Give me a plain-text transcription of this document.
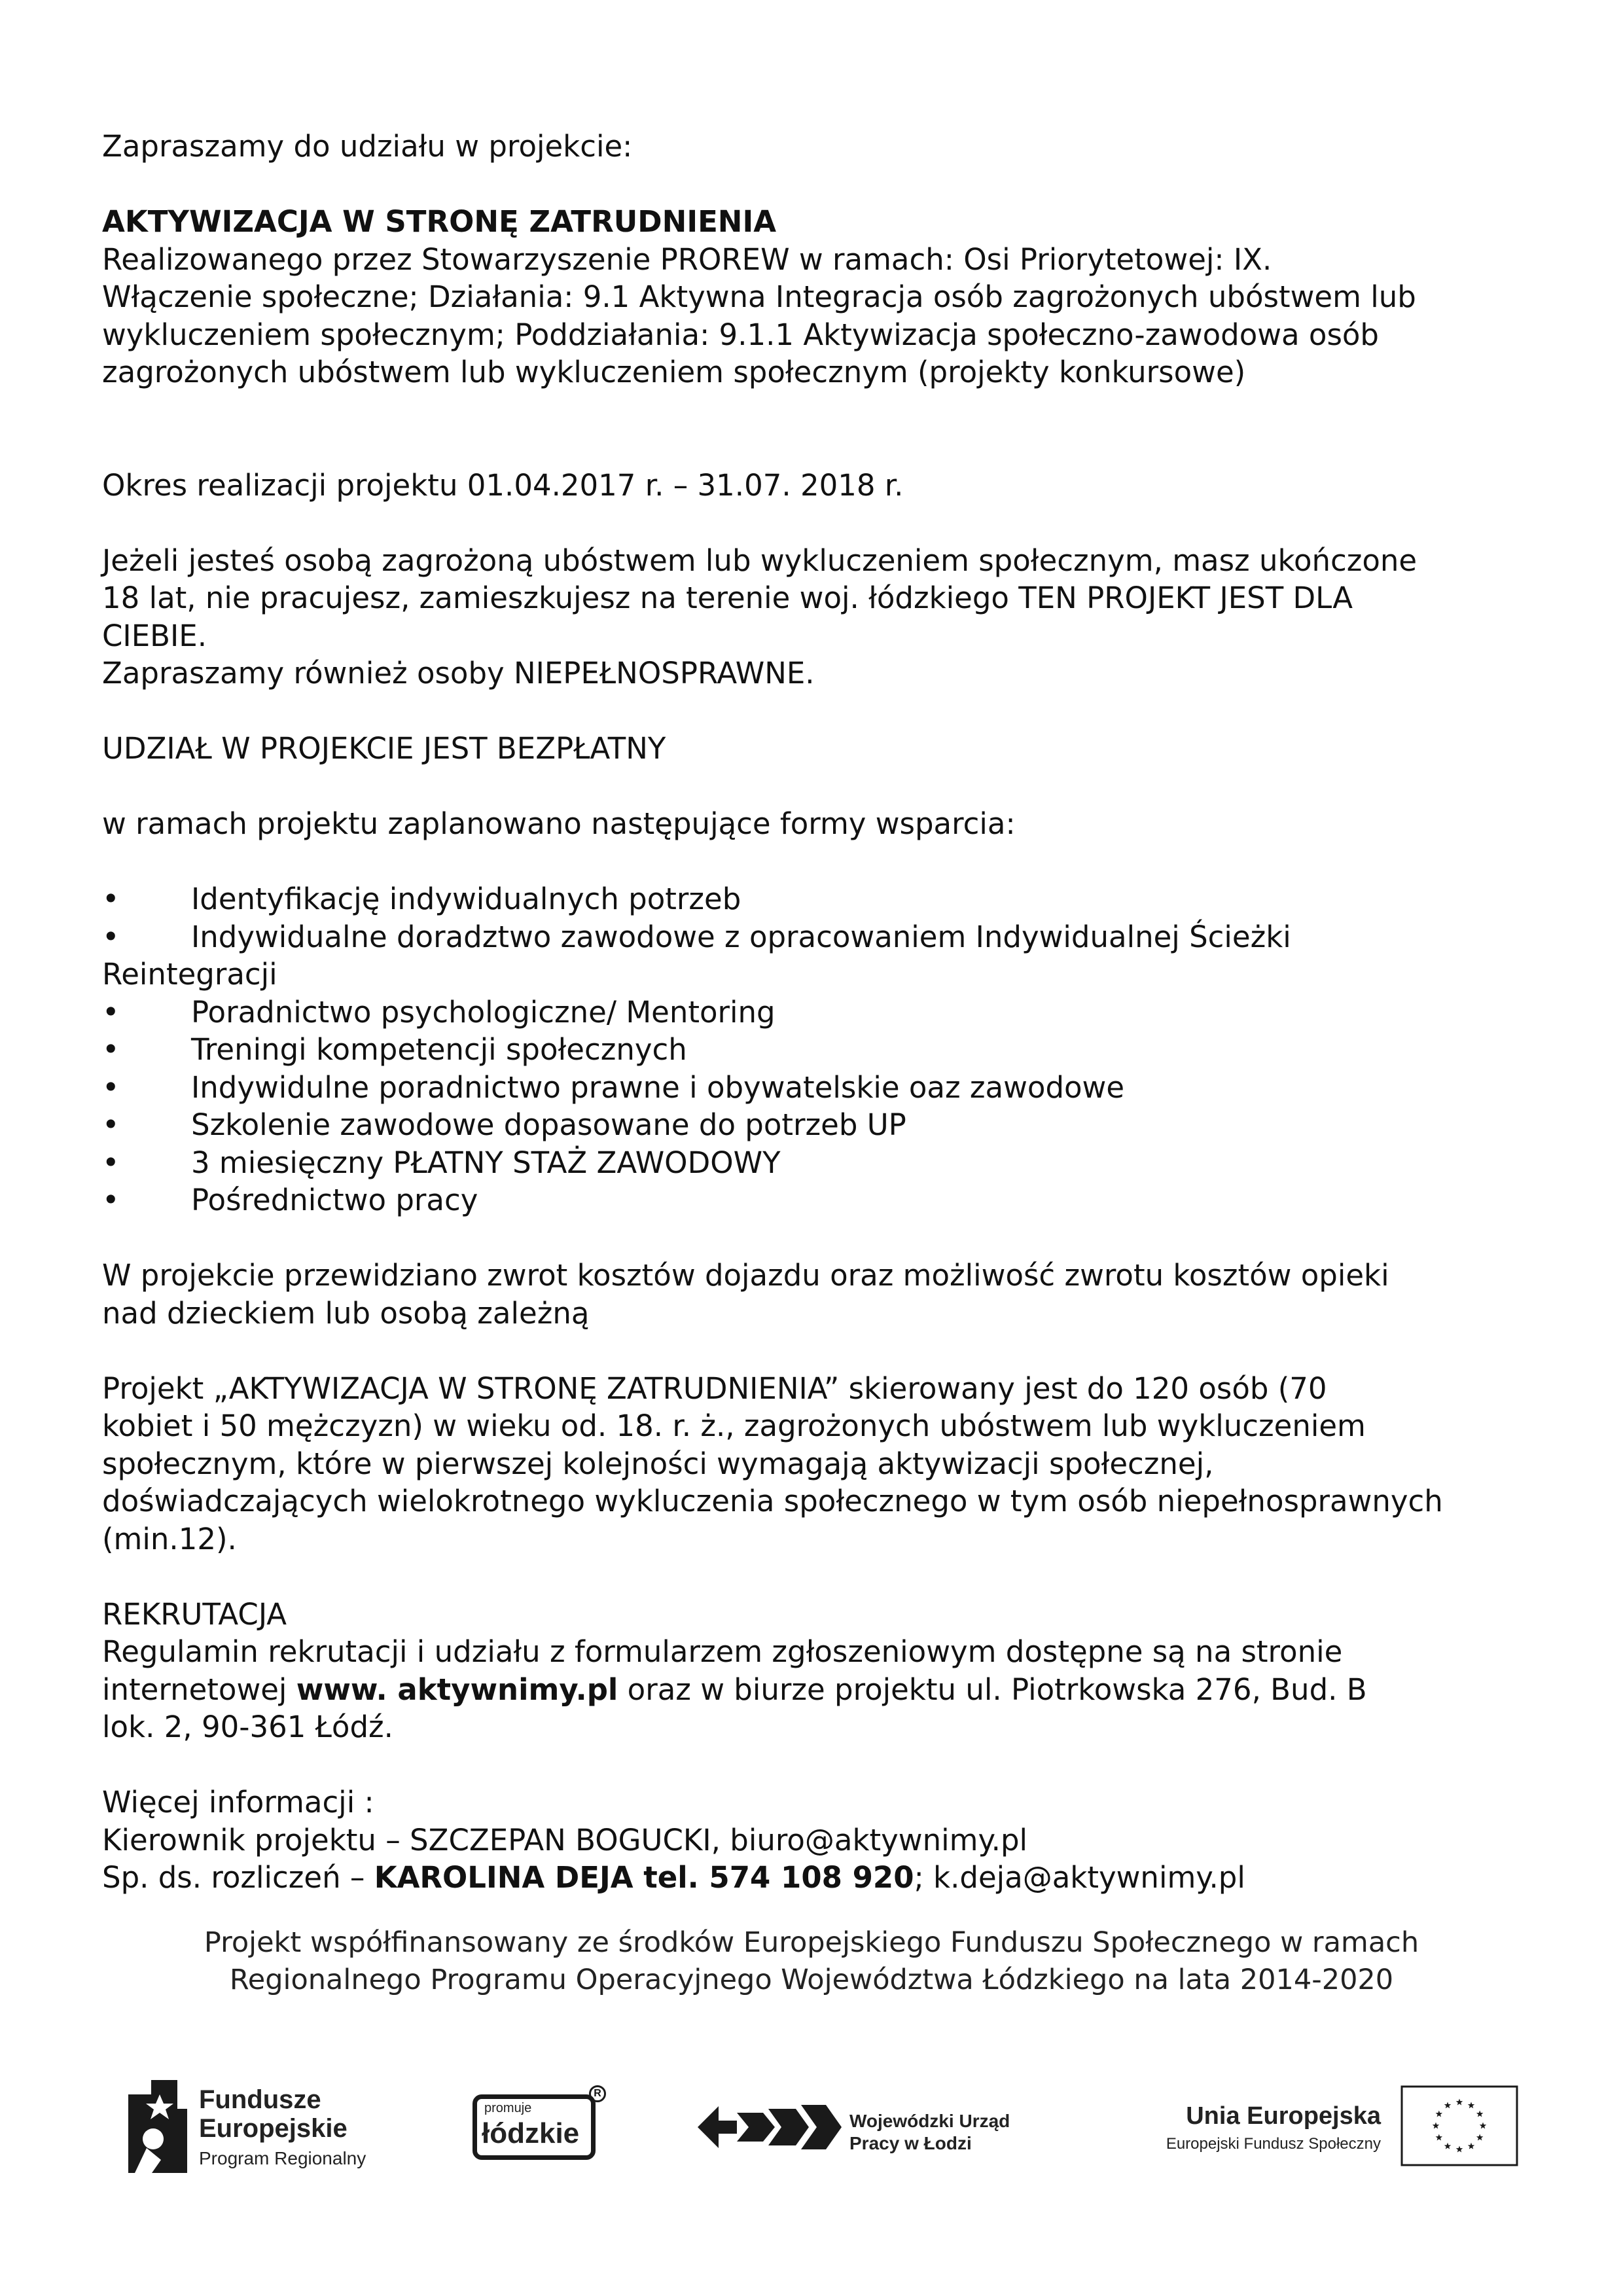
Zapraszamy do udziału w projekcie:

AKTYWIZACJA W STRONĘ ZATRUDNIENIA

Realizowanego przez Stowarzyszenie PROREW w ramach: Osi Priorytetowej: IX.

Włączenie społeczne; Działania: 9.1 Aktywna Integracja osób zagrożonych ubóstwem lub

wykluczeniem społecznym; Poddziałania: 9.1.1 Aktywizacja społeczno-zawodowa osób

zagrożonych ubóstwem lub wykluczeniem społecznym (projekty konkursowe)

Okres realizacji projektu 01.04.2017 r. – 31.07. 2018 r.

Jeżeli jesteś osobą zagrożoną ubóstwem lub wykluczeniem społecznym, masz ukończone

18 lat, nie pracujesz, zamieszkujesz na terenie woj. łódzkiego TEN PROJEKT JEST DLA

CIEBIE.

Zapraszamy również osoby NIEPEŁNOSPRAWNE.

UDZIAŁ W PROJEKCIE JEST BEZPŁATNY

w ramach projektu zaplanowano następujące formy wsparcia:

• Identyfikację indywidualnych potrzeb

• Indywidualne doradztwo zawodowe z opracowaniem Indywidualnej Ścieżki

Reintegracji

• Poradnictwo psychologiczne/ Mentoring

• Treningi kompetencji społecznych

• Indywidulne poradnictwo prawne i obywatelskie oaz zawodowe

• Szkolenie zawodowe dopasowane do potrzeb UP

• 3 miesięczny PŁATNY STAŻ ZAWODOWY

• Pośrednictwo pracy

W projekcie przewidziano zwrot kosztów dojazdu oraz możliwość zwrotu kosztów opieki

nad dzieckiem lub osobą zależną

Projekt „AKTYWIZACJA W STRONĘ ZATRUDNIENIA” skierowany jest do 120 osób (70

kobiet i 50 mężczyzn) w wieku od. 18. r. ż., zagrożonych ubóstwem lub wykluczeniem

społecznym, które w pierwszej kolejności wymagają aktywizacji społecznej,

doświadczających wielokrotnego wykluczenia społecznego w tym osób niepełnosprawnych

(min.12).

REKRUTACJA

Regulamin rekrutacji i udziału z formularzem zgłoszeniowym dostępne są na stronie

internetowej www. aktywnimy.pl oraz w biurze projektu ul. Piotrkowska 276, Bud. B

lok. 2, 90-361 Łódź.

Więcej informacji :

Kierownik projektu – SZCZEPAN BOGUCKI, biuro@aktywnimy.pl

Sp. ds. rozliczeń – KAROLINA DEJA tel. 574 108 920; k.deja@aktywnimy.pl

Projekt współfinansowany ze środków Europejskiego Funduszu Społecznego w ramach
Regionalnego Programu Operacyjnego Województwa Łódzkiego na lata 2014-2020
Fundusze
Europejskie
Program Regionalny
promuje
łódzkie
R
Wojewódzki Urząd
Pracy w Łodzi
Unia Europejska
Europejski Fundusz Społeczny
